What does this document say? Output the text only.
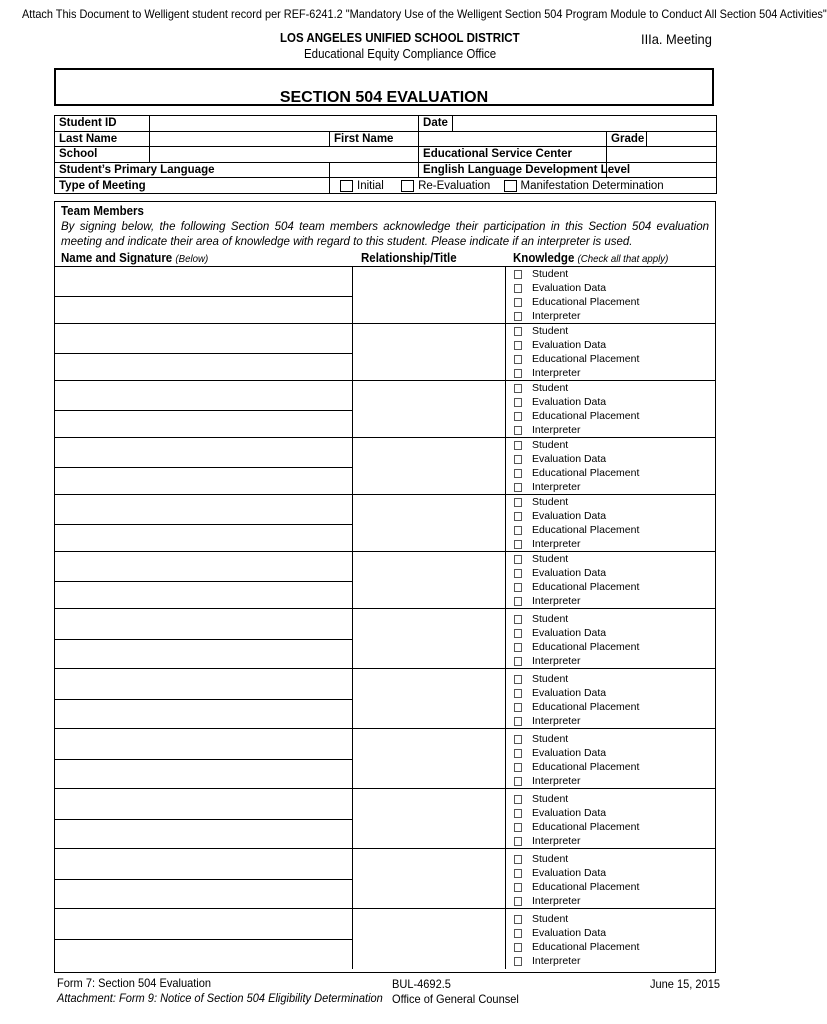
Attach This Document to Welligent student record per REF-6241.2 "Mandatory Use of the Welligent Section 504 Program Module to Conduct All Section 504 Activities"
LOS ANGELES UNIFIED SCHOOL DISTRICT
Educational Equity Compliance Office
IIIa. Meeting
SECTION 504 EVALUATION
Student ID			Date			
Last Name		First Name			Grade	
School			Educational Service Center			
Student’s Primary Language			English Language Development Level			
Type of Meeting		Initial Re-Evaluation Manifestation Determination				
Team Members
By signing below, the following Section 504 team members acknowledge their participation in this Section 504 evaluation meeting and indicate their area of knowledge with regard to this student. Please indicate if an interpreter is used.
Name and Signature (Below)	Relationship/Title	Knowledge (Check all that apply)
Student
Evaluation Data
Educational Placement
Interpreter
Student
Evaluation Data
Educational Placement
Interpreter
Student
Evaluation Data
Educational Placement
Interpreter
Student
Evaluation Data
Educational Placement
Interpreter
Student
Evaluation Data
Educational Placement
Interpreter
Student
Evaluation Data
Educational Placement
Interpreter
Student
Evaluation Data
Educational Placement
Interpreter
Student
Evaluation Data
Educational Placement
Interpreter
Student
Evaluation Data
Educational Placement
Interpreter
Student
Evaluation Data
Educational Placement
Interpreter
Student
Evaluation Data
Educational Placement
Interpreter
Student
Evaluation Data
Educational Placement
Interpreter
Form 7: Section 504 Evaluation
Attachment: Form 9: Notice of Section 504 Eligibility Determination
BUL-4692.5
Office of General Counsel
June 15, 2015
